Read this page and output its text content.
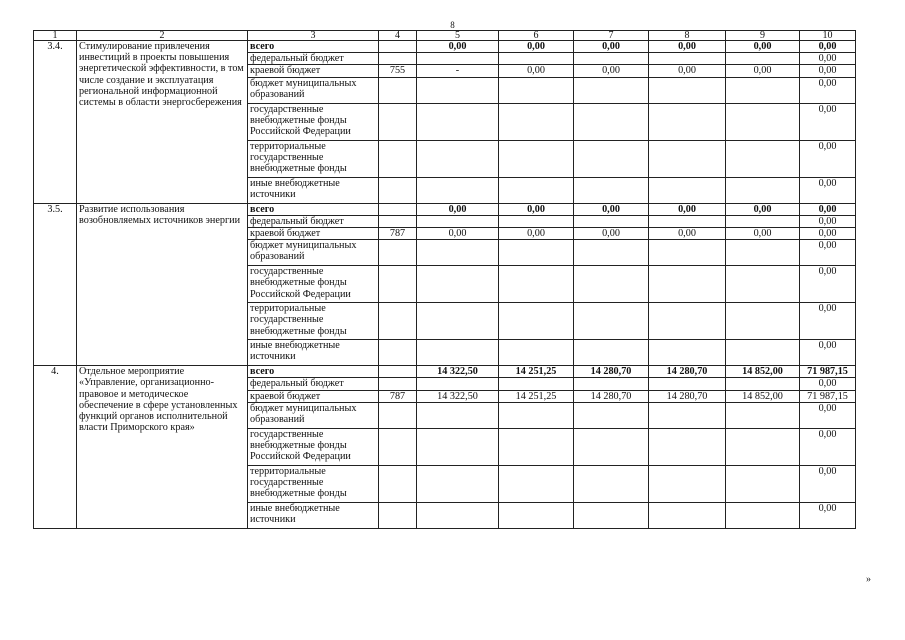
8
1	2	3	4	5	6	7	8	9	10
3.4.	Стимулирование привлечения инвестиций в проекты повышения энергетической эффективности, в том числе создание и эксплуатация региональной информационной системы в области энергосбережения	всего		0,00	0,00	0,00	0,00	0,00	0,00
		федеральный бюджет							0,00
		краевой бюджет	755	-	0,00	0,00	0,00	0,00	0,00
		бюджет муниципальных образований							0,00
		государственные внебюджетные фонды Российской Федерации							0,00
		территориальные государственные внебюджетные фонды							0,00
		иные внебюджетные источники							0,00
3.5.	Развитие использования возобновляемых источников энергии	всего		0,00	0,00	0,00	0,00	0,00	0,00
		федеральный бюджет							0,00
		краевой бюджет	787	0,00	0,00	0,00	0,00	0,00	0,00
		бюджет муниципальных образований							0,00
		государственные внебюджетные фонды Российской Федерации							0,00
		территориальные государственные внебюджетные фонды							0,00
		иные внебюджетные источники							0,00
4.	Отдельное мероприятие «Управление, организационно-правовое и методическое обеспечение в сфере установленных функций органов исполнительной власти Приморского края»	всего		14 322,50	14 251,25	14 280,70	14 280,70	14 852,00	71 987,15
		федеральный бюджет							0,00
		краевой бюджет	787	14 322,50	14 251,25	14 280,70	14 280,70	14 852,00	71 987,15
		бюджет муниципальных образований							0,00
		государственные внебюджетные фонды Российской Федерации							0,00
		территориальные государственные внебюджетные фонды							0,00
		иные внебюджетные источники							0,00
»
